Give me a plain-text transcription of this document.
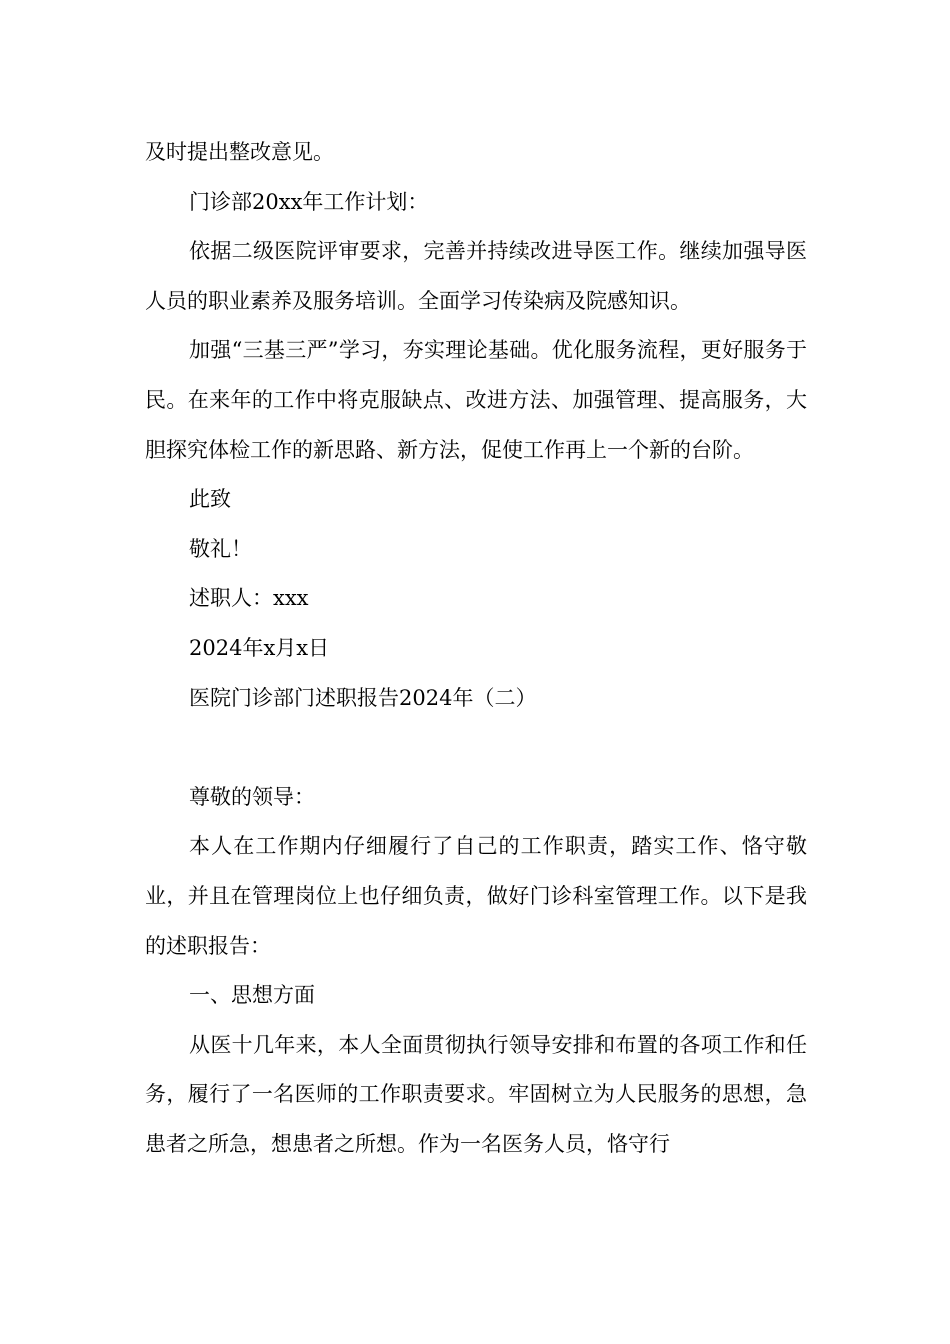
及时提出整改意见。

门诊部20xx年工作计划：

依据二级医院评审要求，完善并持续改进导医工作。继续加强导医人员的职业素养及服务培训。全面学习传染病及院感知识。

加强“三基三严”学习，夯实理论基础。优化服务流程，更好服务于民。在来年的工作中将克服缺点、改进方法、加强管理、提高服务，大胆探究体检工作的新思路、新方法，促使工作再上一个新的台阶。

此致

敬礼！

述职人：xxx

2024年x月x日

医院门诊部门述职报告2024年（二）

尊敬的领导：

本人在工作期内仔细履行了自己的工作职责，踏实工作、恪守敬业，并且在管理岗位上也仔细负责，做好门诊科室管理工作。以下是我的述职报告：

一、思想方面

从医十几年来，本人全面贯彻执行领导安排和布置的各项工作和任务，履行了一名医师的工作职责要求。牢固树立为人民服务的思想，急患者之所急，想患者之所想。作为一名医务人员，恪守行
